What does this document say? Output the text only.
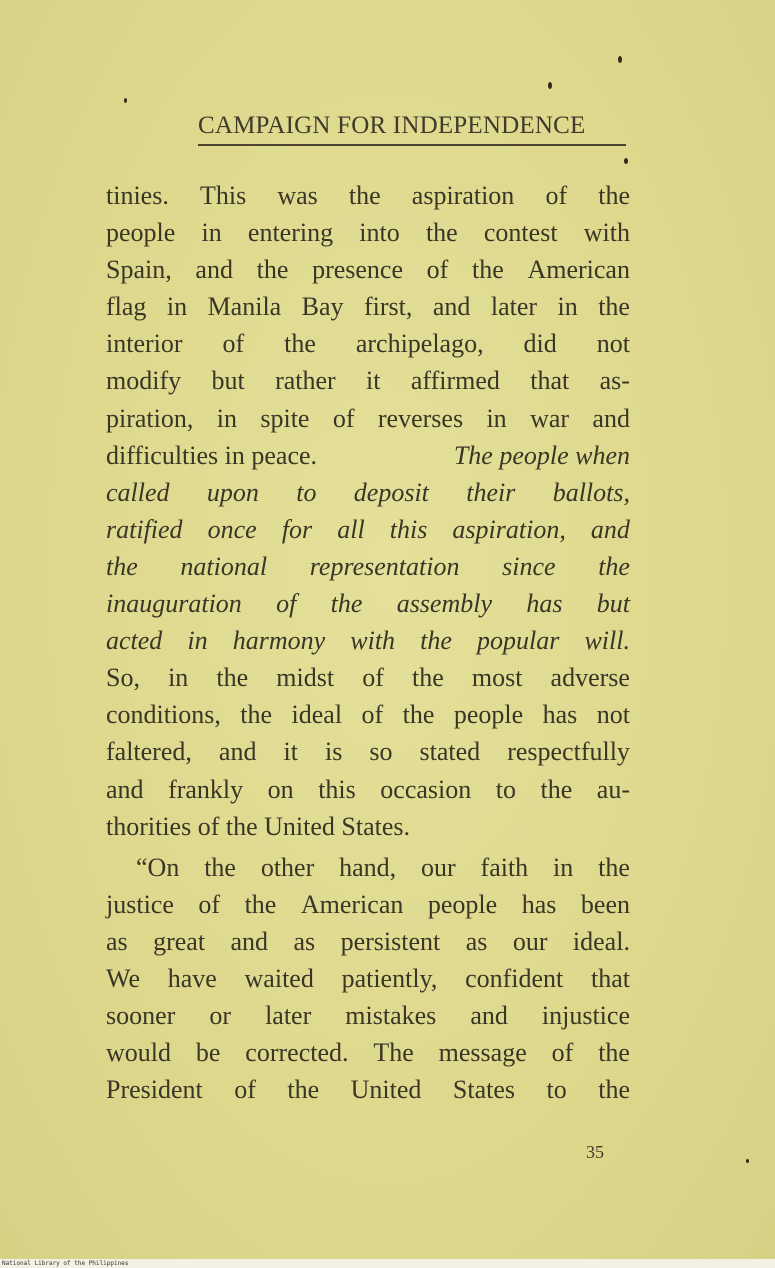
CAMPAIGN FOR INDEPENDENCE
tinies. This was the aspiration of the
people in entering into the contest with
Spain, and the presence of the American
flag in Manila Bay first, and later in the
interior of the archipelago, did not
modify but rather it affirmed that as-
piration, in spite of reverses in war and
difficulties in peace.	The people when
called upon to deposit their ballots,
ratified once for all this aspiration, and
the national representation since the
inauguration of the assembly has but
acted in harmony with the popular will.
So, in the midst of the most adverse
conditions, the ideal of the people has not
faltered, and it is so stated respectfully
and frankly on this occasion to the au-
thorities of the United States.
“On the other hand, our faith in the
justice of the American people has been
as great and as persistent as our ideal.
We have waited patiently, confident that
sooner or later mistakes and injustice
would be corrected. The message of the
President of the United States to the
35
National Library of the Philippines
